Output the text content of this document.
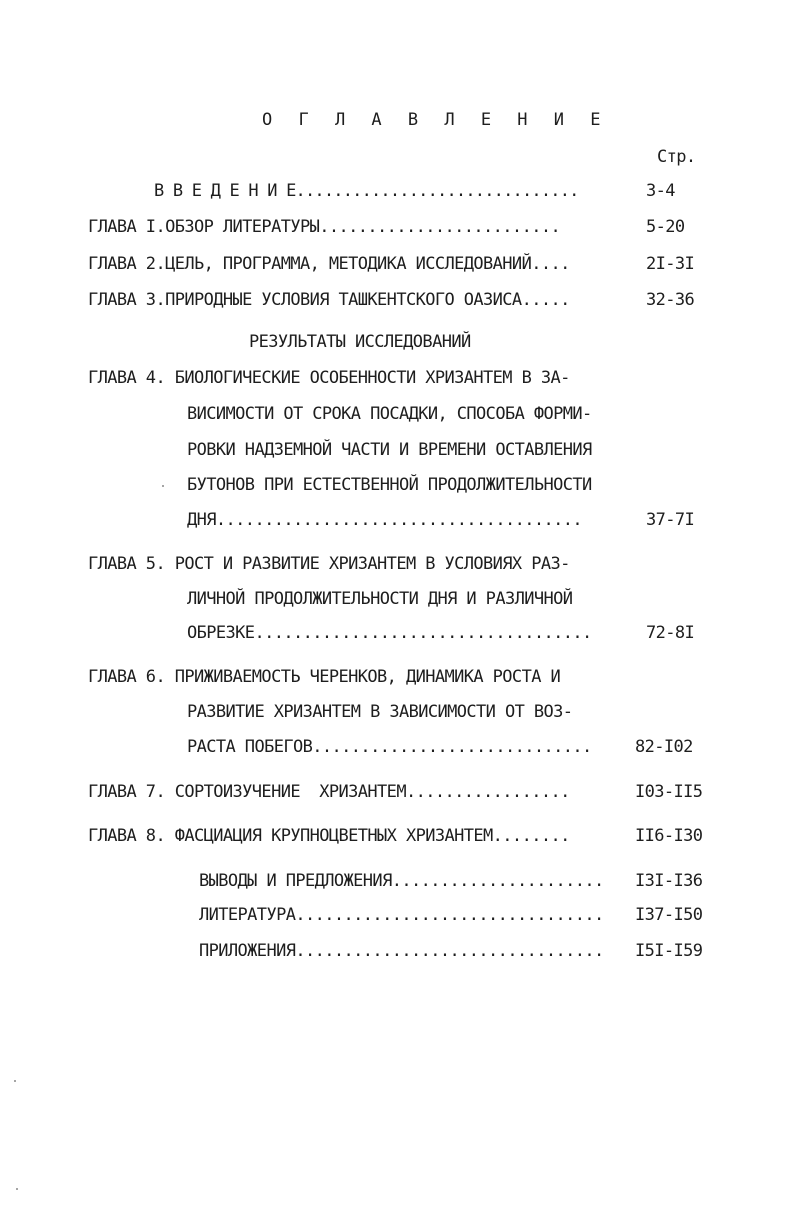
О Г Л А В Л Е Н И Е
Стр.
В В Е Д Е Н И Е..............................	3-4
ГЛАВА I.ОБЗОР ЛИТЕРАТУРЫ.........................	5-20
ГЛАВА 2.ЦЕЛЬ, ПРОГРАММА, МЕТОДИКА ИССЛЕДОВАНИЙ....	2I-3I
ГЛАВА 3.ПРИРОДНЫЕ УСЛОВИЯ ТАШКЕНТСКОГО ОАЗИСА.....	32-36
РЕЗУЛЬТАТЫ ИССЛЕДОВАНИЙ
ГЛАВА 4. БИОЛОГИЧЕСКИЕ ОСОБЕННОСТИ ХРИЗАНТЕМ В ЗА-
ВИСИМОСТИ ОТ СРОКА ПОСАДКИ, СПОСОБА ФОРМИ-
РОВКИ НАДЗЕМНОЙ ЧАСТИ И ВРЕМЕНИ ОСТАВЛЕНИЯ
БУТОНОВ ПРИ ЕСТЕСТВЕННОЙ ПРОДОЛЖИТЕЛЬНОСТИ
ДНЯ......................................	37-7I
ГЛАВА 5. РОСТ И РАЗВИТИЕ ХРИЗАНТЕМ В УСЛОВИЯХ РАЗ-
ЛИЧНОЙ ПРОДОЛЖИТЕЛЬНОСТИ ДНЯ И РАЗЛИЧНОЙ
ОБРЕЗКЕ...................................	72-8I
ГЛАВА 6. ПРИЖИВАЕМОСТЬ ЧЕРЕНКОВ, ДИНАМИКА РОСТА И
РАЗВИТИЕ ХРИЗАНТЕМ В ЗАВИСИМОСТИ ОТ ВОЗ-
РАСТА ПОБЕГОВ.............................	82-I02
ГЛАВА 7. СОРТОИЗУЧЕНИЕ  ХРИЗАНТЕМ.................	I03-II5
ГЛАВА 8. ФАСЦИАЦИЯ КРУПНОЦВЕТНЫХ ХРИЗАНТЕМ........	II6-I30
ВЫВОДЫ И ПРЕДЛОЖЕНИЯ...................... I3I-I36
ЛИТЕРАТУРА................................ I37-I50
ПРИЛОЖЕНИЯ................................ I5I-I59
